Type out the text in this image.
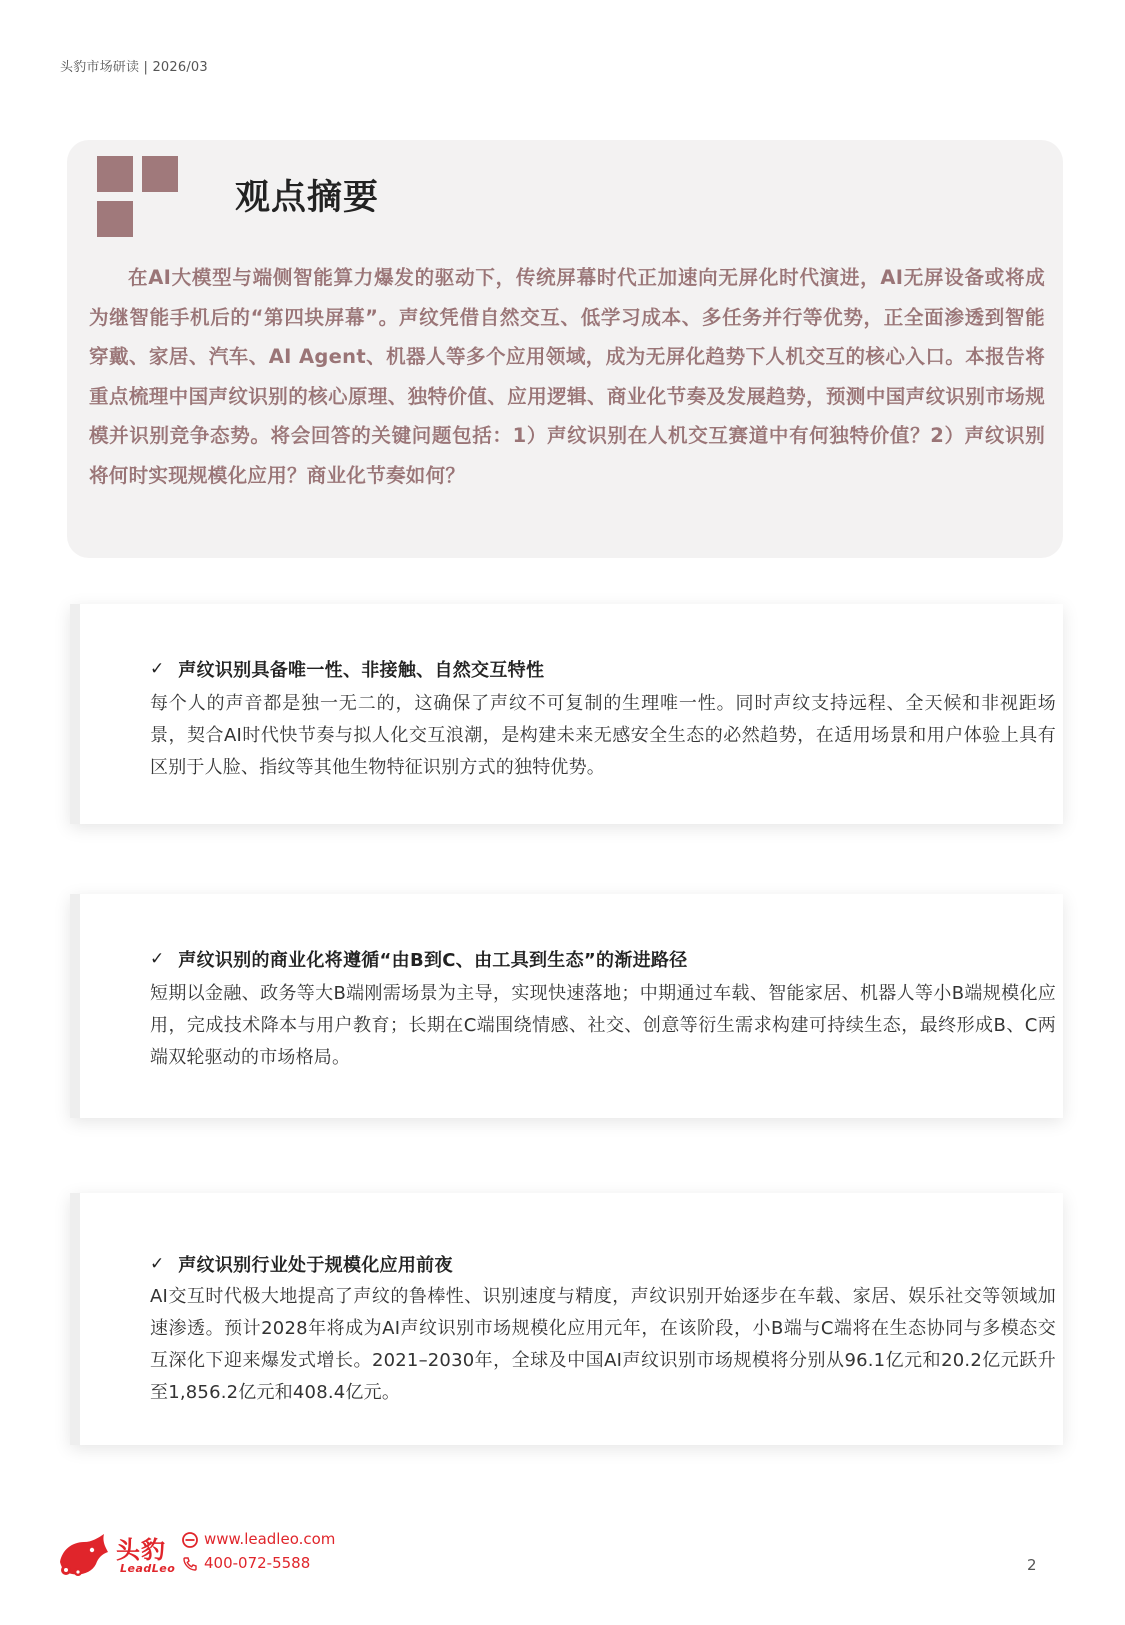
头豹市场研读 | 2026/03
观点摘要

在AI大模型与端侧智能算力爆发的驱动下，传统屏幕时代正加速向无屏化时代演进，AI无屏设备或将成为继智能手机后的“第四块屏幕”。声纹凭借自然交互、低学习成本、多任务并行等优势，正全面渗透到智能穿戴、家居、汽车、AI Agent、机器人等多个应用领域，成为无屏化趋势下人机交互的核心入口。本报告将重点梳理中国声纹识别的核心原理、独特价值、应用逻辑、商业化节奏及发展趋势，预测中国声纹识别市场规模并识别竞争态势。将会回答的关键问题包括：1）声纹识别在人机交互赛道中有何独特价值？2）声纹识别将何时实现规模化应用？商业化节奏如何？

✓ 声纹识别具备唯一性、非接触、自然交互特性

每个人的声音都是独一无二的，这确保了声纹不可复制的生理唯一性。同时声纹支持远程、全天候和非视距场景，契合AI时代快节奏与拟人化交互浪潮，是构建未来无感安全生态的必然趋势，在适用场景和用户体验上具有区别于人脸、指纹等其他生物特征识别方式的独特优势。

✓ 声纹识别的商业化将遵循“由B到C、由工具到生态”的渐进路径

短期以金融、政务等大B端刚需场景为主导，实现快速落地；中期通过车载、智能家居、机器人等小B端规模化应用，完成技术降本与用户教育；长期在C端围绕情感、社交、创意等衍生需求构建可持续生态，最终形成B、C两端双轮驱动的市场格局。

✓ 声纹识别行业处于规模化应用前夜

AI交互时代极大地提高了声纹的鲁棒性、识别速度与精度，声纹识别开始逐步在车载、家居、娱乐社交等领域加速渗透。预计2028年将成为AI声纹识别市场规模化应用元年，在该阶段，小B端与C端将在生态协同与多模态交互深化下迎来爆发式增长。2021–2030年，全球及中国AI声纹识别市场规模将分别从96.1亿元和20.2亿元跃升至1,856.2亿元和408.4亿元。

头豹
LeadLeo
www.leadleo.com
400-072-5588	2
